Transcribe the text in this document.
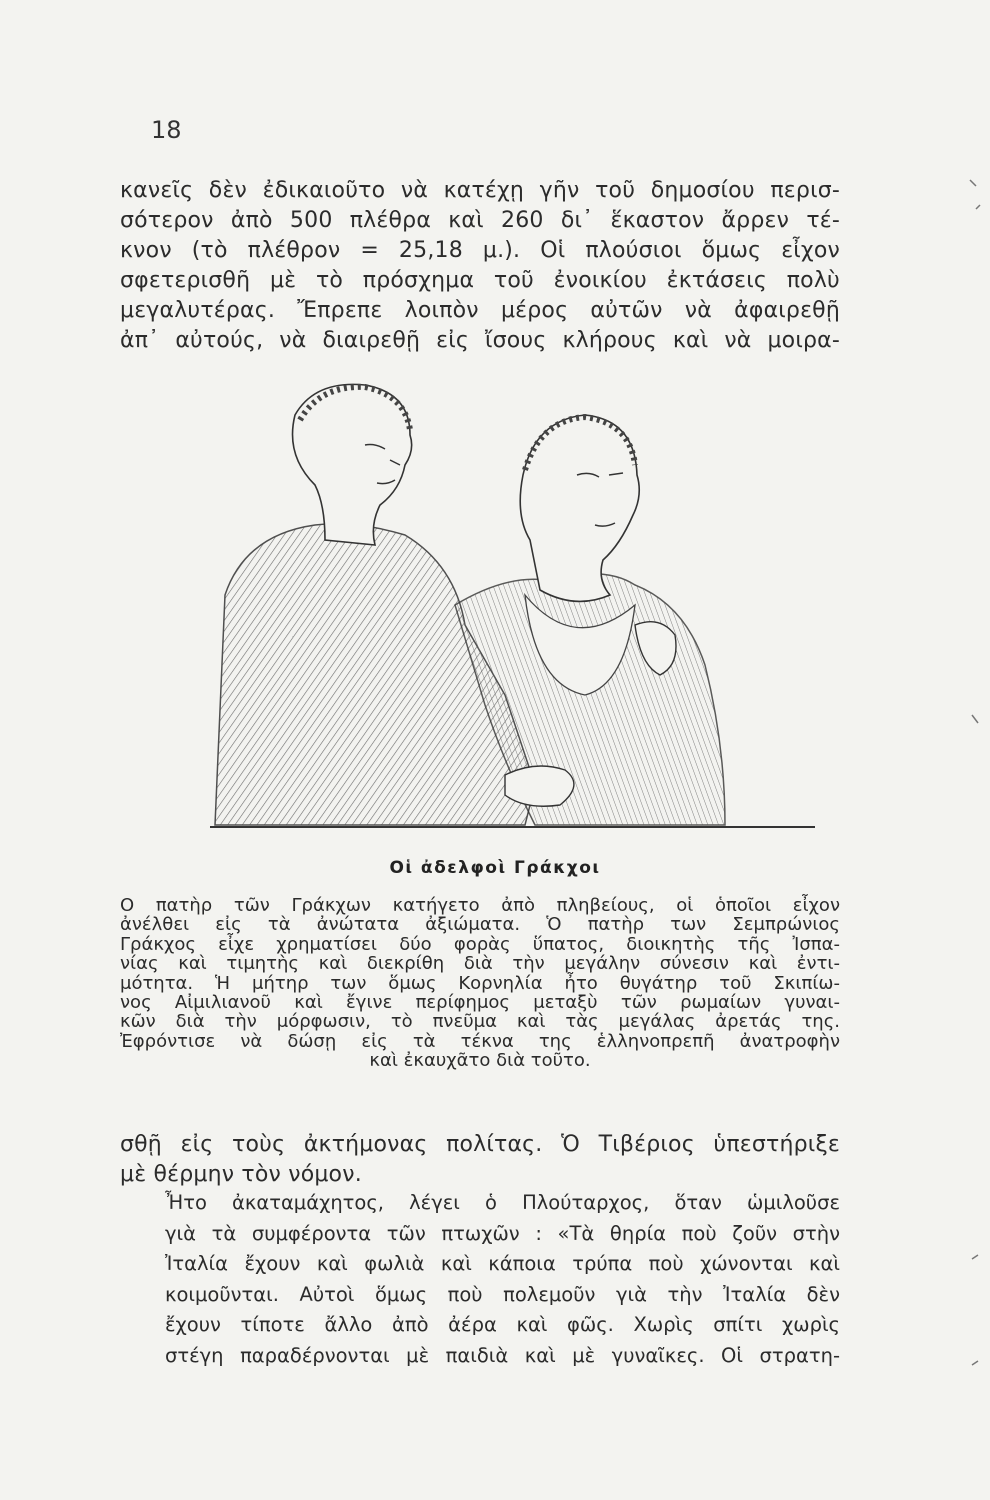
18
κανεῖς δὲν ἐδικαιοῦτο νὰ κατέχῃ γῆν τοῦ δημοσίου περισ-
σότερον ἀπὸ 500 πλέθρα καὶ 260 δι᾽ ἕκαστον ἄρρεν τέ-
κνον (τὸ πλέθρον = 25,18 μ.). Οἱ πλούσιοι ὅμως εἶχον
σφετερισθῆ μὲ τὸ πρόσχημα τοῦ ἐνοικίου ἐκτάσεις πολὺ
μεγαλυτέρας. Ἔπρεπε λοιπὸν μέρος αὐτῶν νὰ ἀφαιρεθῇ
ἀπ᾽ αὐτούς, νὰ διαιρεθῇ εἰς ἴσους κλήρους καὶ νὰ μοιρα-
Οἱ ἀδελφοὶ Γράκχοι
Ο πατὴρ τῶν Γράκχων κατήγετο ἀπὸ πληβείους, οἱ ὁποῖοι εἶχον
ἀνέλθει εἰς τὰ ἀνώτατα ἀξιώματα. Ὁ πατὴρ των Σεμπρώνιος
Γράκχος εἶχε χρηματίσει δύο φορὰς ὕπατος, διοικητὴς τῆς Ἰσπα-
νίας καὶ τιμητὴς καὶ διεκρίθη διὰ τὴν μεγάλην σύνεσιν καὶ ἐντι-
μότητα. Ἡ μήτηρ των ὅμως Κορνηλία ἦτο θυγάτηρ τοῦ Σκιπίω-
νος Αἰμιλιανοῦ καὶ ἔγινε περίφημος μεταξὺ τῶν ρωμαίων γυναι-
κῶν διὰ τὴν μόρφωσιν, τὸ πνεῦμα καὶ τὰς μεγάλας ἀρετάς της.
Ἐφρόντισε νὰ δώσῃ εἰς τὰ τέκνα της ἑλληνοπρεπῆ ἀνατροφὴν
καὶ ἐκαυχᾶτο διὰ τοῦτο.
σθῇ εἰς τοὺς ἀκτήμονας πολίτας. Ὁ Τιβέριος ὑπεστήριξε
μὲ θέρμην τὸν νόμον.
Ἦτο ἀκαταμάχητος, λέγει ὁ Πλούταρχος, ὅταν ὡμιλοῦσε
γιὰ τὰ συμφέροντα τῶν πτωχῶν : «Τὰ θηρία ποὺ ζοῦν στὴν
Ἰταλία ἔχουν καὶ φωλιὰ καὶ κάποια τρύπα ποὺ χώνονται καὶ
κοιμοῦνται. Αὐτοὶ ὅμως ποὺ πολεμοῦν γιὰ τὴν Ἰταλία δὲν
ἔχουν τίποτε ἄλλο ἀπὸ ἀέρα καὶ φῶς. Χωρὶς σπίτι χωρὶς
στέγη παραδέρνονται μὲ παιδιὰ καὶ μὲ γυναῖκες. Οἱ στρατη-
